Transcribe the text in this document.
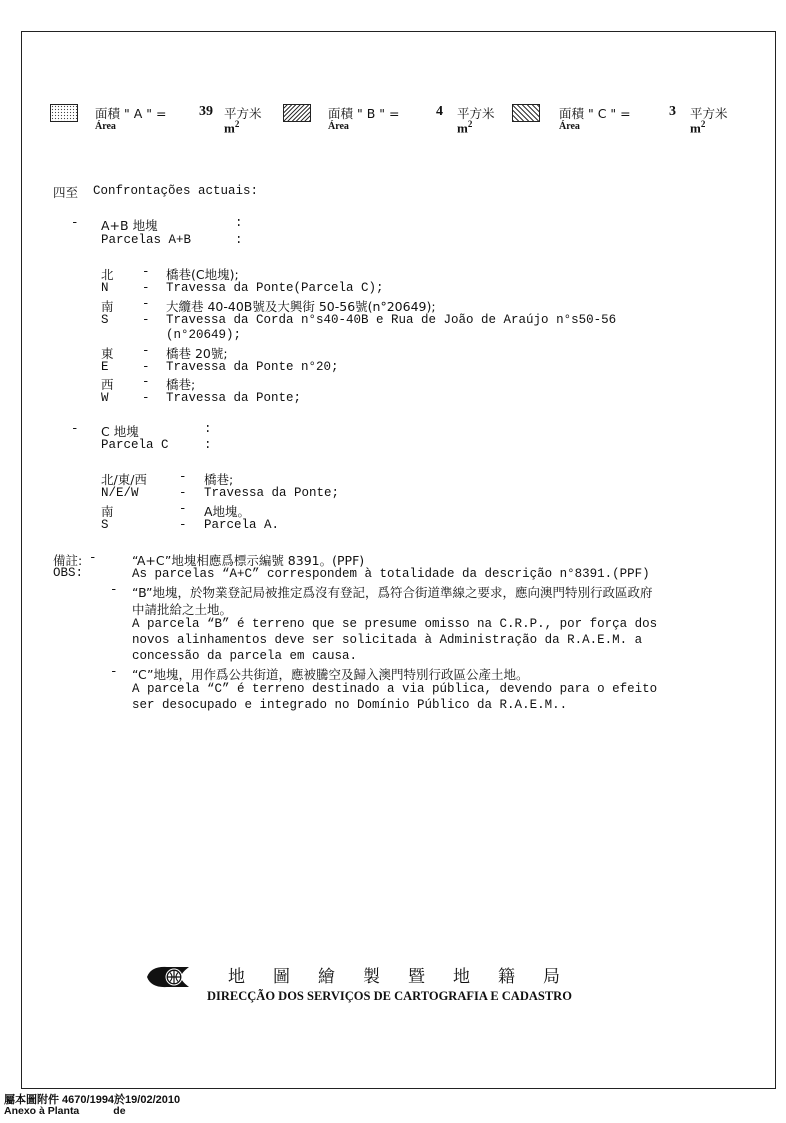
面積 " A " =
Área
39 平方米
$m^2$
面積 " B " =
Área
4 平方米
$m^2$
面積 " C " =
Área
3 平方米
$m^2$
四至 Confrontações actuais:
- A+B 地塊	:
Parcelas A+B	:
北 - 橋巷(C地塊);
N	- Travessa da Ponte(Parcela C);
南 - 大纜巷 40-40B號及大興街 50-56號(n°20649);
S	- Travessa da Corda n°s40-40B e Rua de João de Araújo n°s50-56
(n°20649);
東 - 橋巷 20號;
E	- Travessa da Ponte n°20;
西 - 橋巷;
W	- Travessa da Ponte;
- C 地塊	:
Parcela C	:
北/東/西	- 橋巷;
N/E/W	- Travessa da Ponte;
南	- A地塊。
S	- Parcela A.
備註:
OBS:
-	“A+C”地塊相應爲標示編號 8391。(PPF)
As parcelas “A+C” correspondem à totalidade da descrição n°8391.(PPF)
- “B”地塊，於物業登記局被推定爲沒有登記，爲符合街道準線之要求，應向澳門特別行政區政府
中請批給之土地。
A parcela “B” é terreno que se presume omisso na C.R.P., por força dos
novos alinhamentos deve ser solicitada à Administração da R.A.E.M. a
concessão da parcela em causa.
- “C”地塊，用作爲公共街道，應被騰空及歸入澳門特別行政區公產土地。
A parcela “C” é terreno destinado a via pública, devendo para o efeito
ser desocupado e integrado no Domínio Público da R.A.E.M..
地圖繪製暨地籍局
DIRECÇÃO DOS SERVIÇOS DE CARTOGRAFIA E CADASTRO
屬本圖附件 4670/1994於19/02/2010
Anexo à Planta	de
